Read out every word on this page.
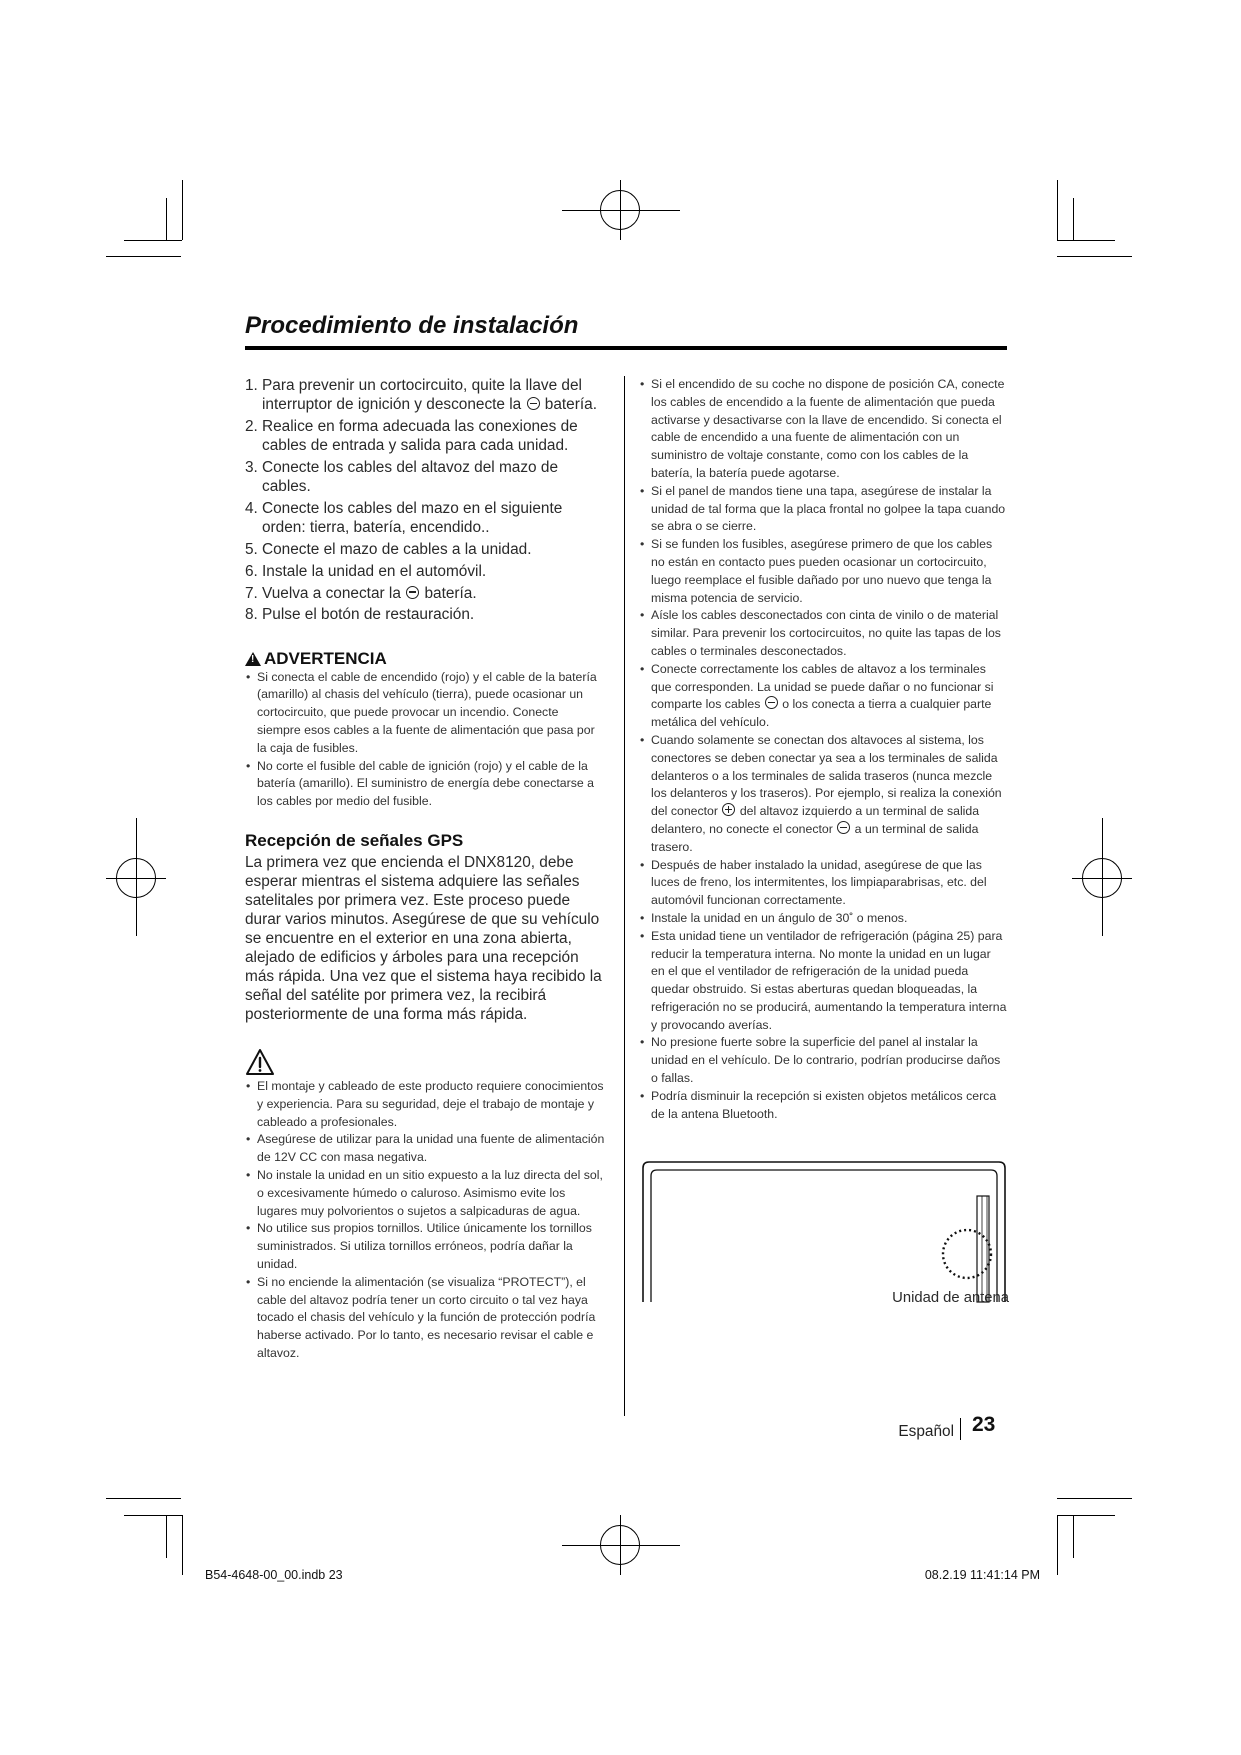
Procedimiento de instalación
1. Para prevenir un cortocircuito, quite la llave del interruptor de ignición y desconecte la  batería.
2. Realice en forma adecuada las conexiones de cables de entrada y salida para cada unidad.
3. Conecte los cables del altavoz del mazo de cables.
4. Conecte los cables del mazo en el siguiente orden: tierra, batería, encendido..
5. Conecte el mazo de cables a la unidad.
6. Instale la unidad en el automóvil.
7. Vuelva a conectar la  batería.
8. Pulse el botón de restauración.
!
ADVERTENCIA
• Si conecta el cable de encendido (rojo) y el cable de la batería (amarillo) al chasis del vehículo (tierra), puede ocasionar un cortocircuito, que puede provocar un incendio. Conecte siempre esos cables a la fuente de alimentación que pasa por la caja de fusibles.
• No corte el fusible del cable de ignición (rojo) y el cable de la batería (amarillo). El suministro de energía debe conectarse a los cables por medio del fusible.
Recepción de señales GPS

La primera vez que encienda el DNX8120, debe esperar mientras el sistema adquiere las señales satelitales por primera vez. Este proceso puede durar varios minutos. Asegúrese de que su vehículo se encuentre en el exterior en una zona abierta, alejado de edificios y árboles para una recepción más rápida. Una vez que el sistema haya recibido la señal del satélite por primera vez, la recibirá posteriormente de una forma más rápida.

• El montaje y cableado de este producto requiere conocimientos y experiencia. Para su seguridad, deje el trabajo de montaje y cableado a profesionales.
• Asegúrese de utilizar para la unidad una fuente de alimentación de 12V CC con masa negativa.
• No instale la unidad en un sitio expuesto a la luz directa del sol, o excesivamente húmedo o caluroso. Asimismo evite los lugares muy polvorientos o sujetos a salpicaduras de agua.
• No utilice sus propios tornillos. Utilice únicamente los tornillos suministrados. Si utiliza tornillos erróneos, podría dañar la unidad.
• Si no enciende la alimentación (se visualiza “PROTECT”), el cable del altavoz podría tener un corto circuito o tal vez haya tocado el chasis del vehículo y la función de protección podría haberse activado. Por lo tanto, es necesario revisar el cable e altavoz.
• Si el encendido de su coche no dispone de posición CA, conecte los cables de encendido a la fuente de alimentación que pueda activarse y desactivarse con la llave de encendido. Si conecta el cable de encendido a una fuente de alimentación con un suministro de voltaje constante, como con los cables de la batería, la batería puede agotarse.
• Si el panel de mandos tiene una tapa, asegúrese de instalar la unidad de tal forma que la placa frontal no golpee la tapa cuando se abra o se cierre.
• Si se funden los fusibles, asegúrese primero de que los cables no están en contacto pues pueden ocasionar un cortocircuito, luego reemplace el fusible dañado por uno nuevo que tenga la misma potencia de servicio.
• Aísle los cables desconectados con cinta de vinilo o de material similar. Para prevenir los cortocircuitos, no quite las tapas de los cables o terminales desconectados.
• Conecte correctamente los cables de altavoz a los terminales que corresponden. La unidad se puede dañar o no funcionar si comparte los cables  o los conecta a tierra a cualquier parte metálica del vehículo.
• Cuando solamente se conectan dos altavoces al sistema, los conectores se deben conectar ya sea a los terminales de salida delanteros o a los terminales de salida traseros (nunca mezcle los delanteros y los traseros). Por ejemplo, si realiza la conexión del conector  del altavoz izquierdo a un terminal de salida delantero, no conecte el conector  a un terminal de salida trasero.
• Después de haber instalado la unidad, asegúrese de que las luces de freno, los intermitentes, los limpiaparabrisas, etc. del automóvil funcionan correctamente.
• Instale la unidad en un ángulo de 30˚ o menos.
• Esta unidad tiene un ventilador de refrigeración (página 25) para reducir la temperatura interna. No monte la unidad en un lugar en el que el ventilador de refrigeración de la unidad pueda quedar obstruido. Si estas aberturas quedan bloqueadas, la refrigeración no se producirá, aumentando la temperatura interna y provocando averías.
• No presione fuerte sobre la superficie del panel al instalar la unidad en el vehículo. De lo contrario, podrían producirse daños o fallas.
• Podría disminuir la recepción si existen objetos metálicos cerca de la antena Bluetooth.
Unidad de antena
Español 23
B54-4648-00_00.indb 23	08.2.19 11:41:14 PM
